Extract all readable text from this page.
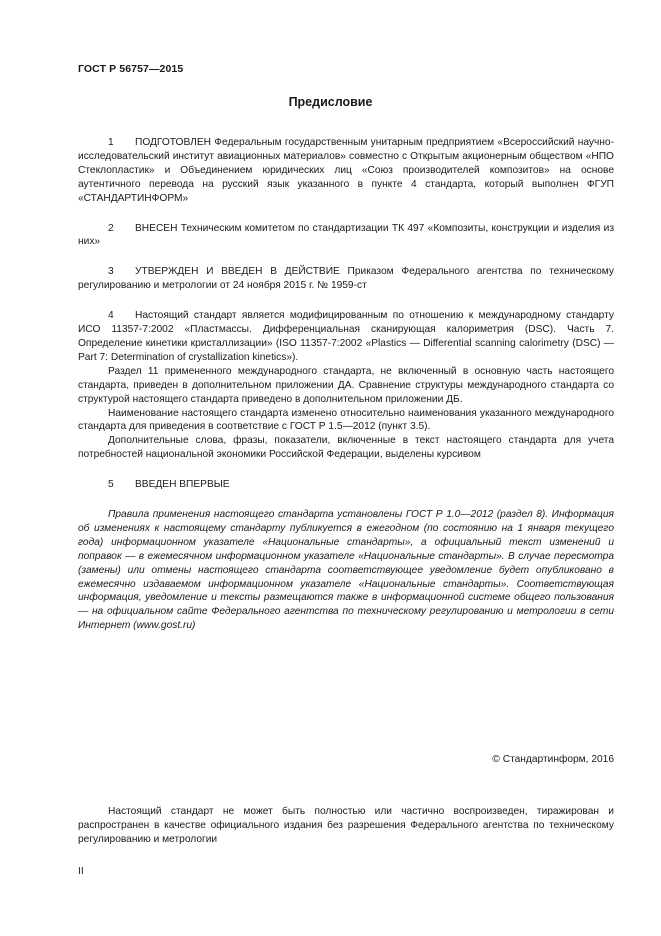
ГОСТ Р 56757—2015
Предисловие

1 ПОДГОТОВЛЕН Федеральным государственным унитарным предприятием «Всероссийский научно-исследовательский институт авиационных материалов» совместно с Открытым акционерным обществом «НПО Стеклопластик» и Объединением юридических лиц «Союз производителей композитов» на основе аутентичного перевода на русский язык указанного в пункте 4 стандарта, который выполнен ФГУП «СТАНДАРТИНФОРМ»

2 ВНЕСЕН Техническим комитетом по стандартизации ТК 497 «Композиты, конструкции и изделия из них»

3 УТВЕРЖДЕН И ВВЕДЕН В ДЕЙСТВИЕ Приказом Федерального агентства по техническому регулированию и метрологии от 24 ноября 2015 г. № 1959-ст

4 Настоящий стандарт является модифицированным по отношению к международному стандарту ИСО 11357-7:2002 «Пластмассы. Дифференциальная сканирующая калориметрия (DSC). Часть 7. Определение кинетики кристаллизации» (ISO 11357-7:2002 «Plastics — Differential scanning calorimetry (DSC) — Part 7: Determination of crystallization kinetics»).

Раздел 11 примененного международного стандарта, не включенный в основную часть настоящего стандарта, приведен в дополнительном приложении ДА. Сравнение структуры международного стандарта со структурой настоящего стандарта приведено в дополнительном приложении ДБ.

Наименование настоящего стандарта изменено относительно наименования указанного международного стандарта для приведения в соответствие с ГОСТ Р 1.5—2012 (пункт 3.5).

Дополнительные слова, фразы, показатели, включенные в текст настоящего стандарта для учета потребностей национальной экономики Российской Федерации, выделены курсивом

5 ВВЕДЕН ВПЕРВЫЕ

Правила применения настоящего стандарта установлены ГОСТ Р 1.0—2012 (раздел 8). Информация об изменениях к настоящему стандарту публикуется в ежегодном (по состоянию на 1 января текущего года) информационном указателе «Национальные стандарты», а официальный текст изменений и поправок — в ежемесячном информационном указателе «Национальные стандарты». В случае пересмотра (замены) или отмены настоящего стандарта соответствующее уведомление будет опубликовано в ежемесячно издаваемом информационном указателе «Национальные стандарты». Соответствующая информация, уведомление и тексты размещаются также в информационной системе общего пользования — на официальном сайте Федерального агентства по техническому регулированию и метрологии в сети Интернет (www.gost.ru)

© Стандартинформ, 2016

Настоящий стандарт не может быть полностью или частично воспроизведен, тиражирован и распространен в качестве официального издания без разрешения Федерального агентства по техническому регулированию и метрологии

II
